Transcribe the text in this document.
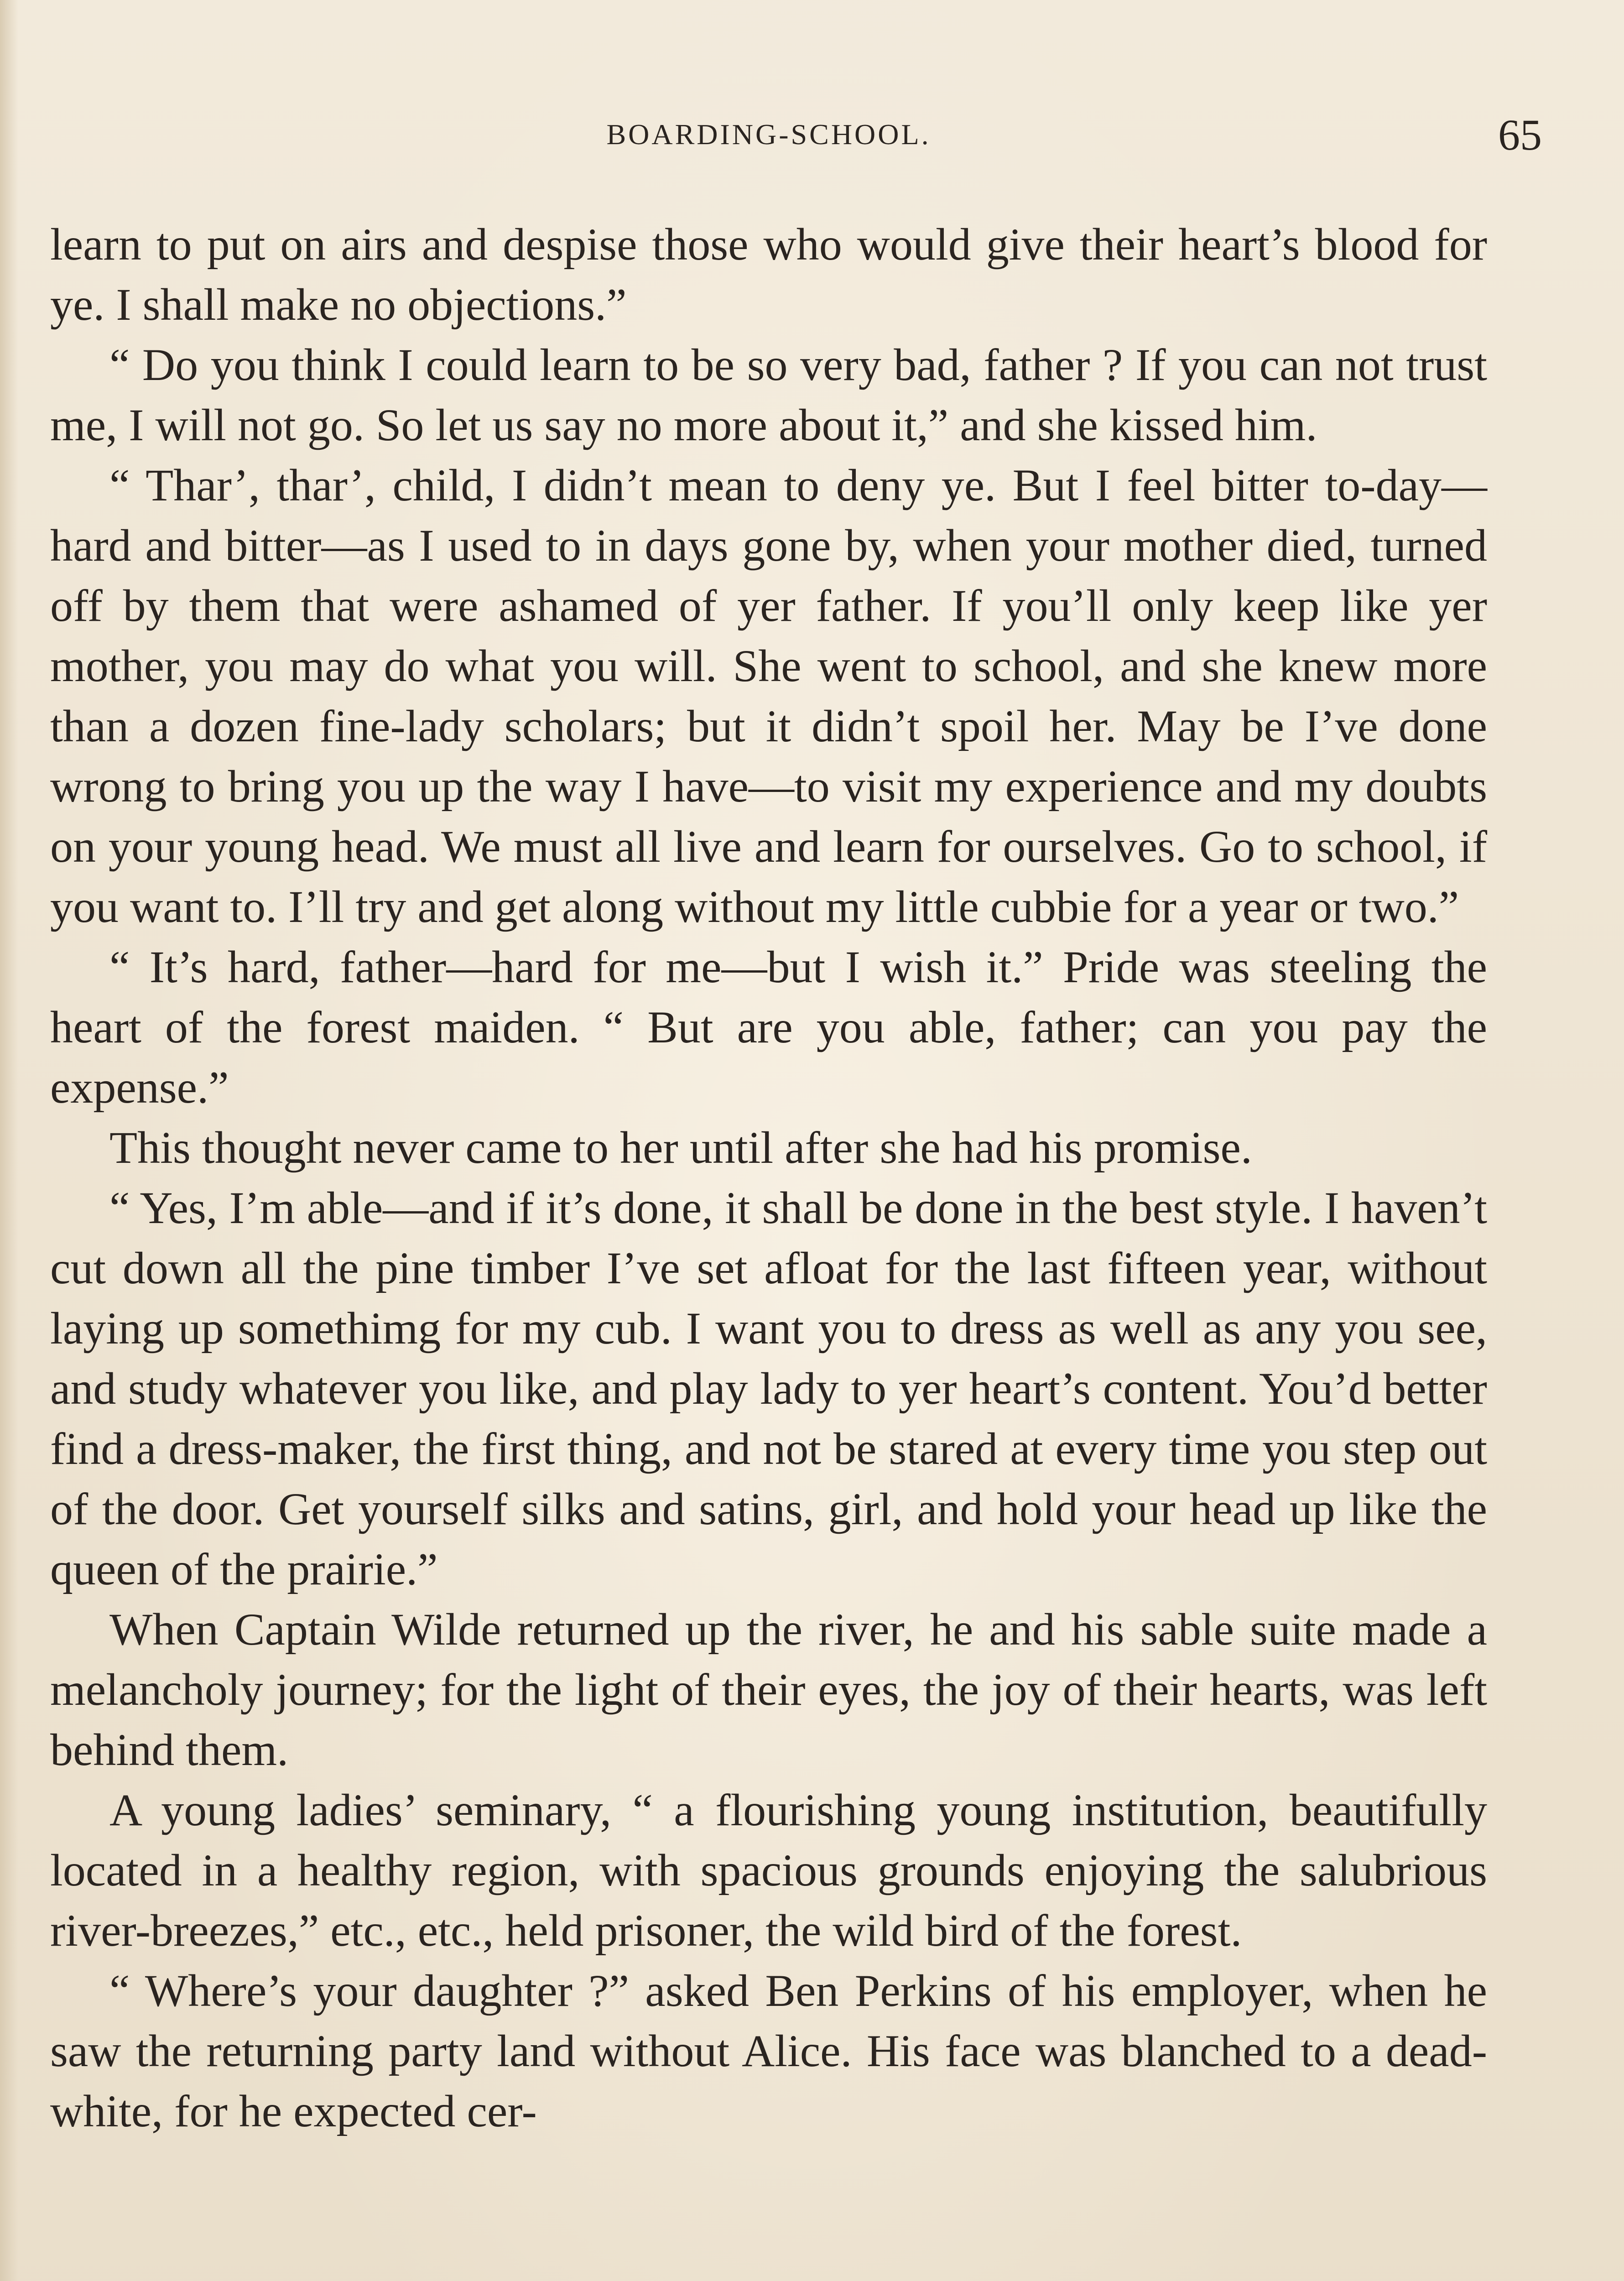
BOARDING-SCHOOL.	65

learn to put on airs and despise those who would give their heart’s blood for ye. I shall make no objections.”

“ Do you think I could learn to be so very bad, father ? If you can not trust me, I will not go. So let us say no more about it,” and she kissed him.

“ Thar’, thar’, child, I didn’t mean to deny ye. But I feel bitter to-day—hard and bitter—as I used to in days gone by, when your mother died, turned off by them that were ashamed of yer father. If you’ll only keep like yer mother, you may do what you will. She went to school, and she knew more than a dozen fine-lady scholars; but it didn’t spoil her. May be I’ve done wrong to bring you up the way I have—to visit my experience and my doubts on your young head. We must all live and learn for ourselves. Go to school, if you want to. I’ll try and get along without my little cubbie for a year or two.”

“ It’s hard, father—hard for me—but I wish it.” Pride was steeling the heart of the forest maiden. “ But are you able, father; can you pay the expense.”

This thought never came to her until after she had his promise.

“ Yes, I’m able—and if it’s done, it shall be done in the best style. I haven’t cut down all the pine timber I’ve set afloat for the last fifteen year, without laying up somethimg for my cub. I want you to dress as well as any you see, and study whatever you like, and play lady to yer heart’s content. You’d better find a dress-maker, the first thing, and not be stared at every time you step out of the door. Get yourself silks and satins, girl, and hold your head up like the queen of the prairie.”

When Captain Wilde returned up the river, he and his sable suite made a melancholy journey; for the light of their eyes, the joy of their hearts, was left behind them.

A young ladies’ seminary, “ a flourishing young institution, beautifully located in a healthy region, with spacious grounds enjoying the salubrious river-breezes,” etc., etc., held prisoner, the wild bird of the forest.

“ Where’s your daughter ?” asked Ben Perkins of his employer, when he saw the returning party land without Alice. His face was blanched to a dead-white, for he expected cer-
